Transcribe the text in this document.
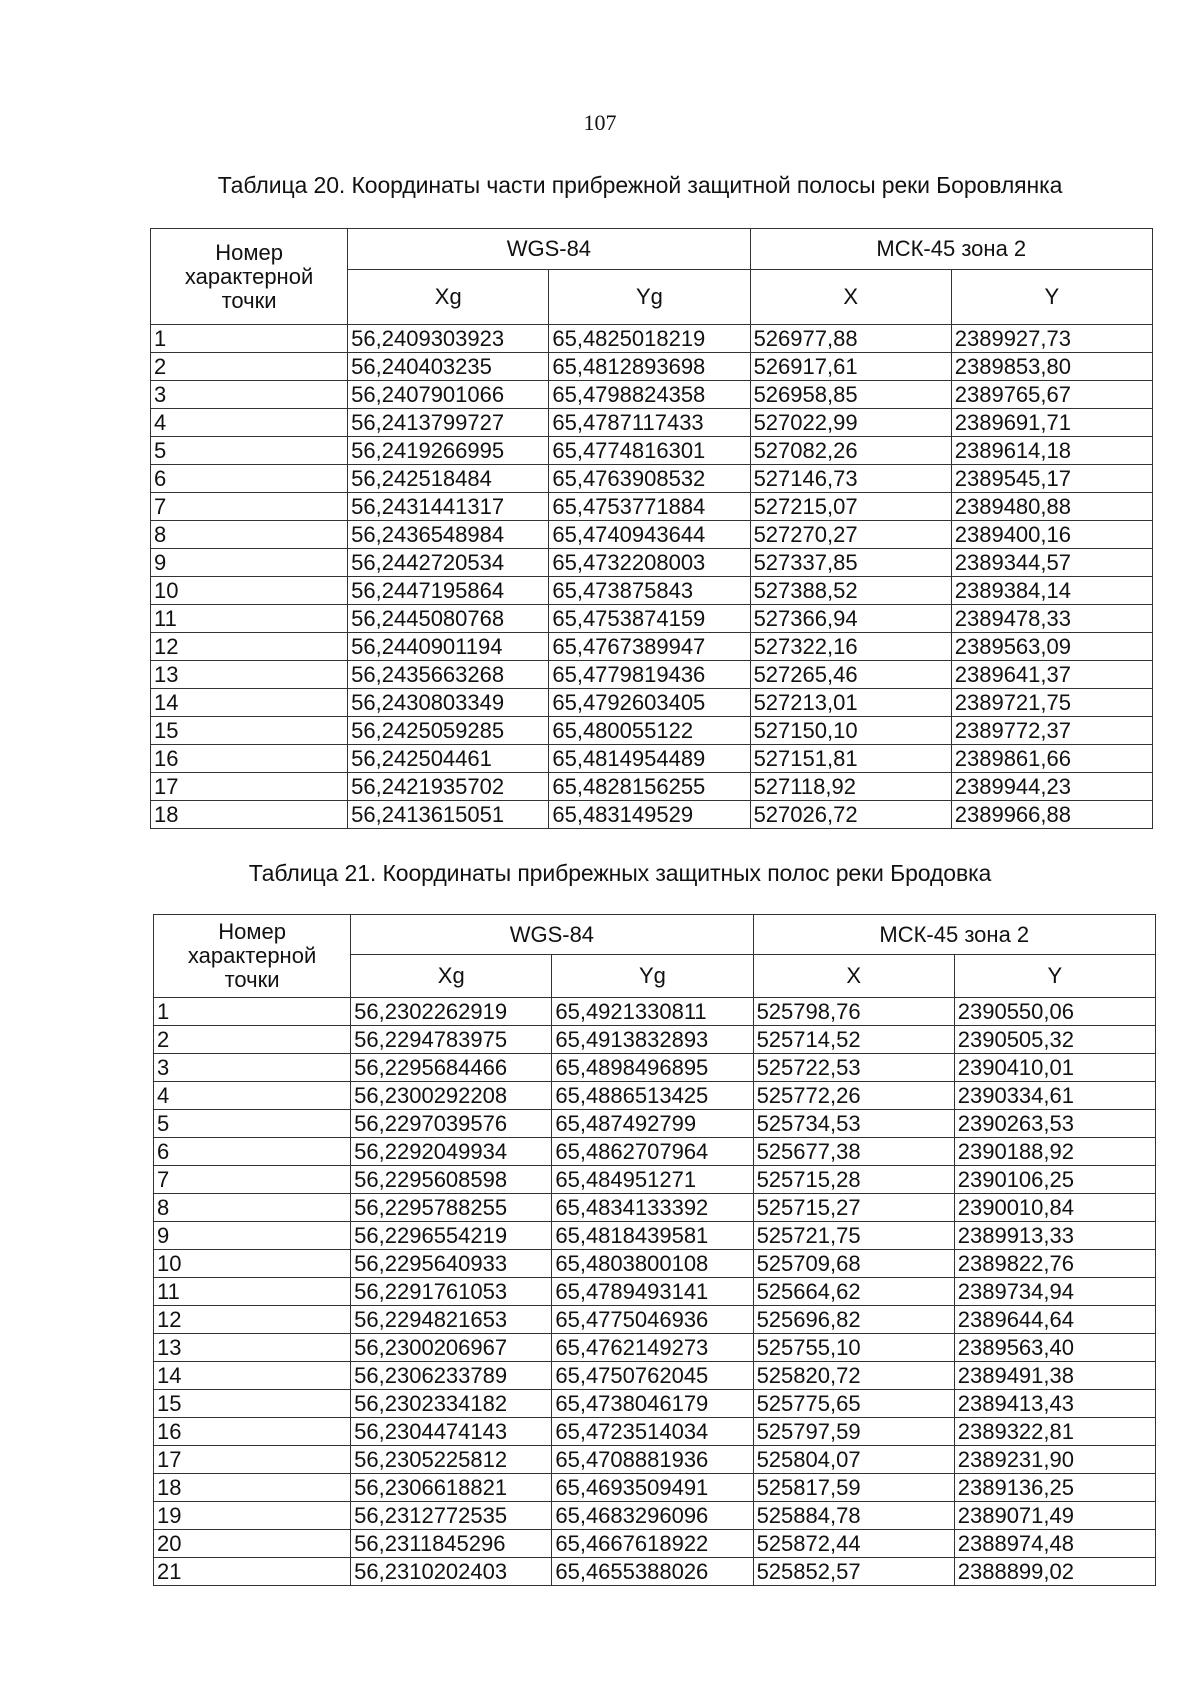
107
Таблица 20. Координаты части прибрежной защитной полосы реки Боровлянка
Номер характерной точки	WGS-84		МСК-45 зона 2	
	Xg	Yg	X	Y
1	56,2409303923	65,4825018219	526977,88	2389927,73
2	56,240403235	65,4812893698	526917,61	2389853,80
3	56,2407901066	65,4798824358	526958,85	2389765,67
4	56,2413799727	65,4787117433	527022,99	2389691,71
5	56,2419266995	65,4774816301	527082,26	2389614,18
6	56,242518484	65,4763908532	527146,73	2389545,17
7	56,2431441317	65,4753771884	527215,07	2389480,88
8	56,2436548984	65,4740943644	527270,27	2389400,16
9	56,2442720534	65,4732208003	527337,85	2389344,57
10	56,2447195864	65,473875843	527388,52	2389384,14
11	56,2445080768	65,4753874159	527366,94	2389478,33
12	56,2440901194	65,4767389947	527322,16	2389563,09
13	56,2435663268	65,4779819436	527265,46	2389641,37
14	56,2430803349	65,4792603405	527213,01	2389721,75
15	56,2425059285	65,480055122	527150,10	2389772,37
16	56,242504461	65,4814954489	527151,81	2389861,66
17	56,2421935702	65,4828156255	527118,92	2389944,23
18	56,2413615051	65,483149529	527026,72	2389966,88
Таблица 21. Координаты прибрежных защитных полос реки Бродовка
Номер характерной точки	WGS-84		МСК-45 зона 2	
	Xg	Yg	X	Y
1	56,2302262919	65,4921330811	525798,76	2390550,06
2	56,2294783975	65,4913832893	525714,52	2390505,32
3	56,2295684466	65,4898496895	525722,53	2390410,01
4	56,2300292208	65,4886513425	525772,26	2390334,61
5	56,2297039576	65,487492799	525734,53	2390263,53
6	56,2292049934	65,4862707964	525677,38	2390188,92
7	56,2295608598	65,484951271	525715,28	2390106,25
8	56,2295788255	65,4834133392	525715,27	2390010,84
9	56,2296554219	65,4818439581	525721,75	2389913,33
10	56,2295640933	65,4803800108	525709,68	2389822,76
11	56,2291761053	65,4789493141	525664,62	2389734,94
12	56,2294821653	65,4775046936	525696,82	2389644,64
13	56,2300206967	65,4762149273	525755,10	2389563,40
14	56,2306233789	65,4750762045	525820,72	2389491,38
15	56,2302334182	65,4738046179	525775,65	2389413,43
16	56,2304474143	65,4723514034	525797,59	2389322,81
17	56,2305225812	65,4708881936	525804,07	2389231,90
18	56,2306618821	65,4693509491	525817,59	2389136,25
19	56,2312772535	65,4683296096	525884,78	2389071,49
20	56,2311845296	65,4667618922	525872,44	2388974,48
21	56,2310202403	65,4655388026	525852,57	2388899,02
